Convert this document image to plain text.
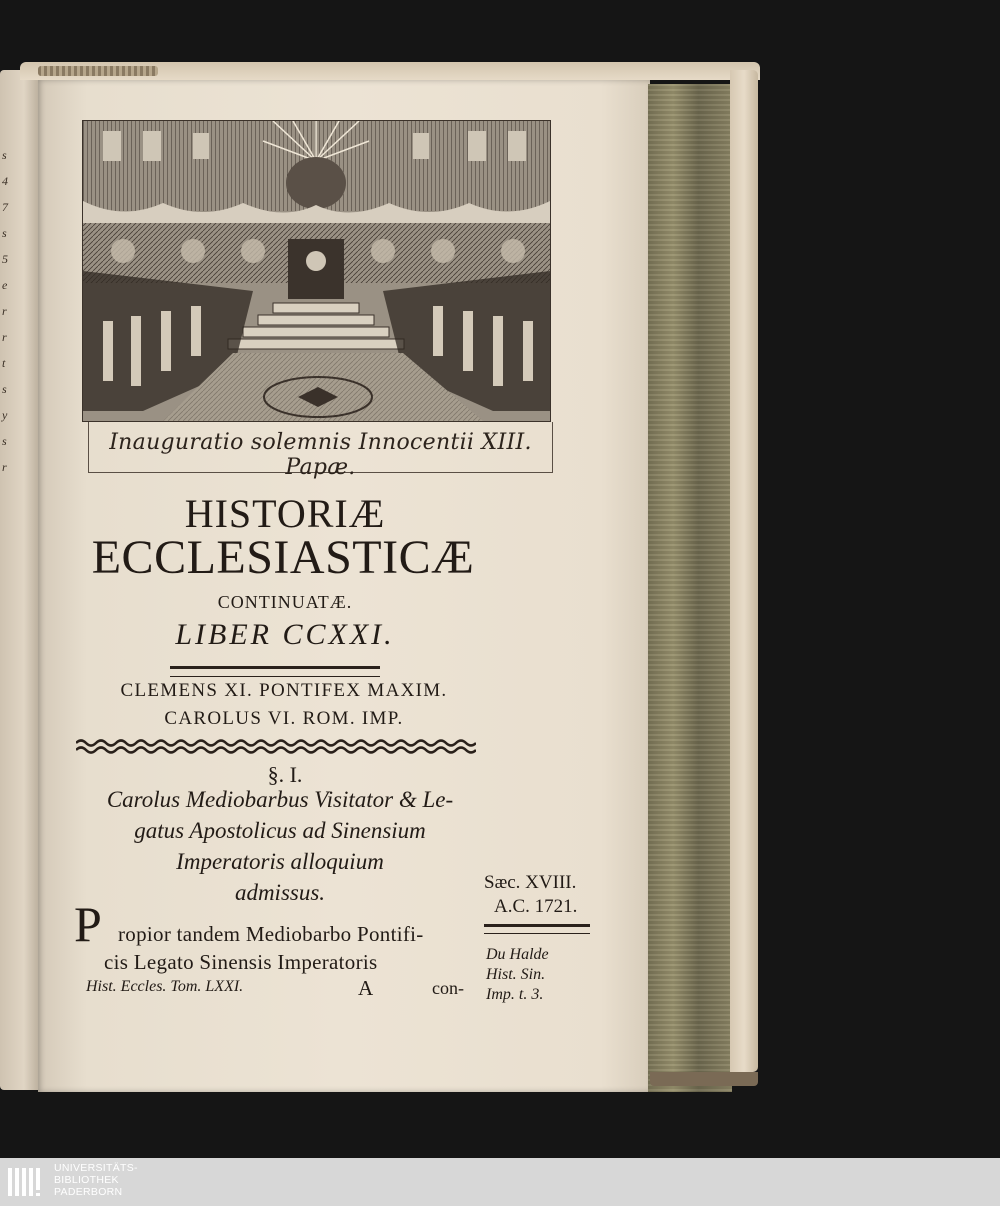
s
4
7
s
5
e
r
r
t
s
y
s
r
Inauguratio solemnis Innocentii XIII. Papæ.
HISTORIÆ
ECCLESIASTICÆ
CONTINUATÆ.
LIBER CCXXI.
CLEMENS XI. PONTIFEX MAXIM.
CAROLUS VI. ROM. IMP.
§. I.
Carolus Mediobarbus Visitator & Le-
gatus Apostolicus ad Sinensium
Imperatoris alloquium
admissus.	Sæc. XVIII.
A.C. 1721.
P ropior tandem Mediobarbo Pontifi-
cis Legato Sinensis Imperatoris	Du Halde
Hist. Sin.
Imp. t. 3.
Hist. Eccles. Tom. LXXI.	A	con-
UNIVERSITÄTS-
BIBLIOTHEK
PADERBORN
